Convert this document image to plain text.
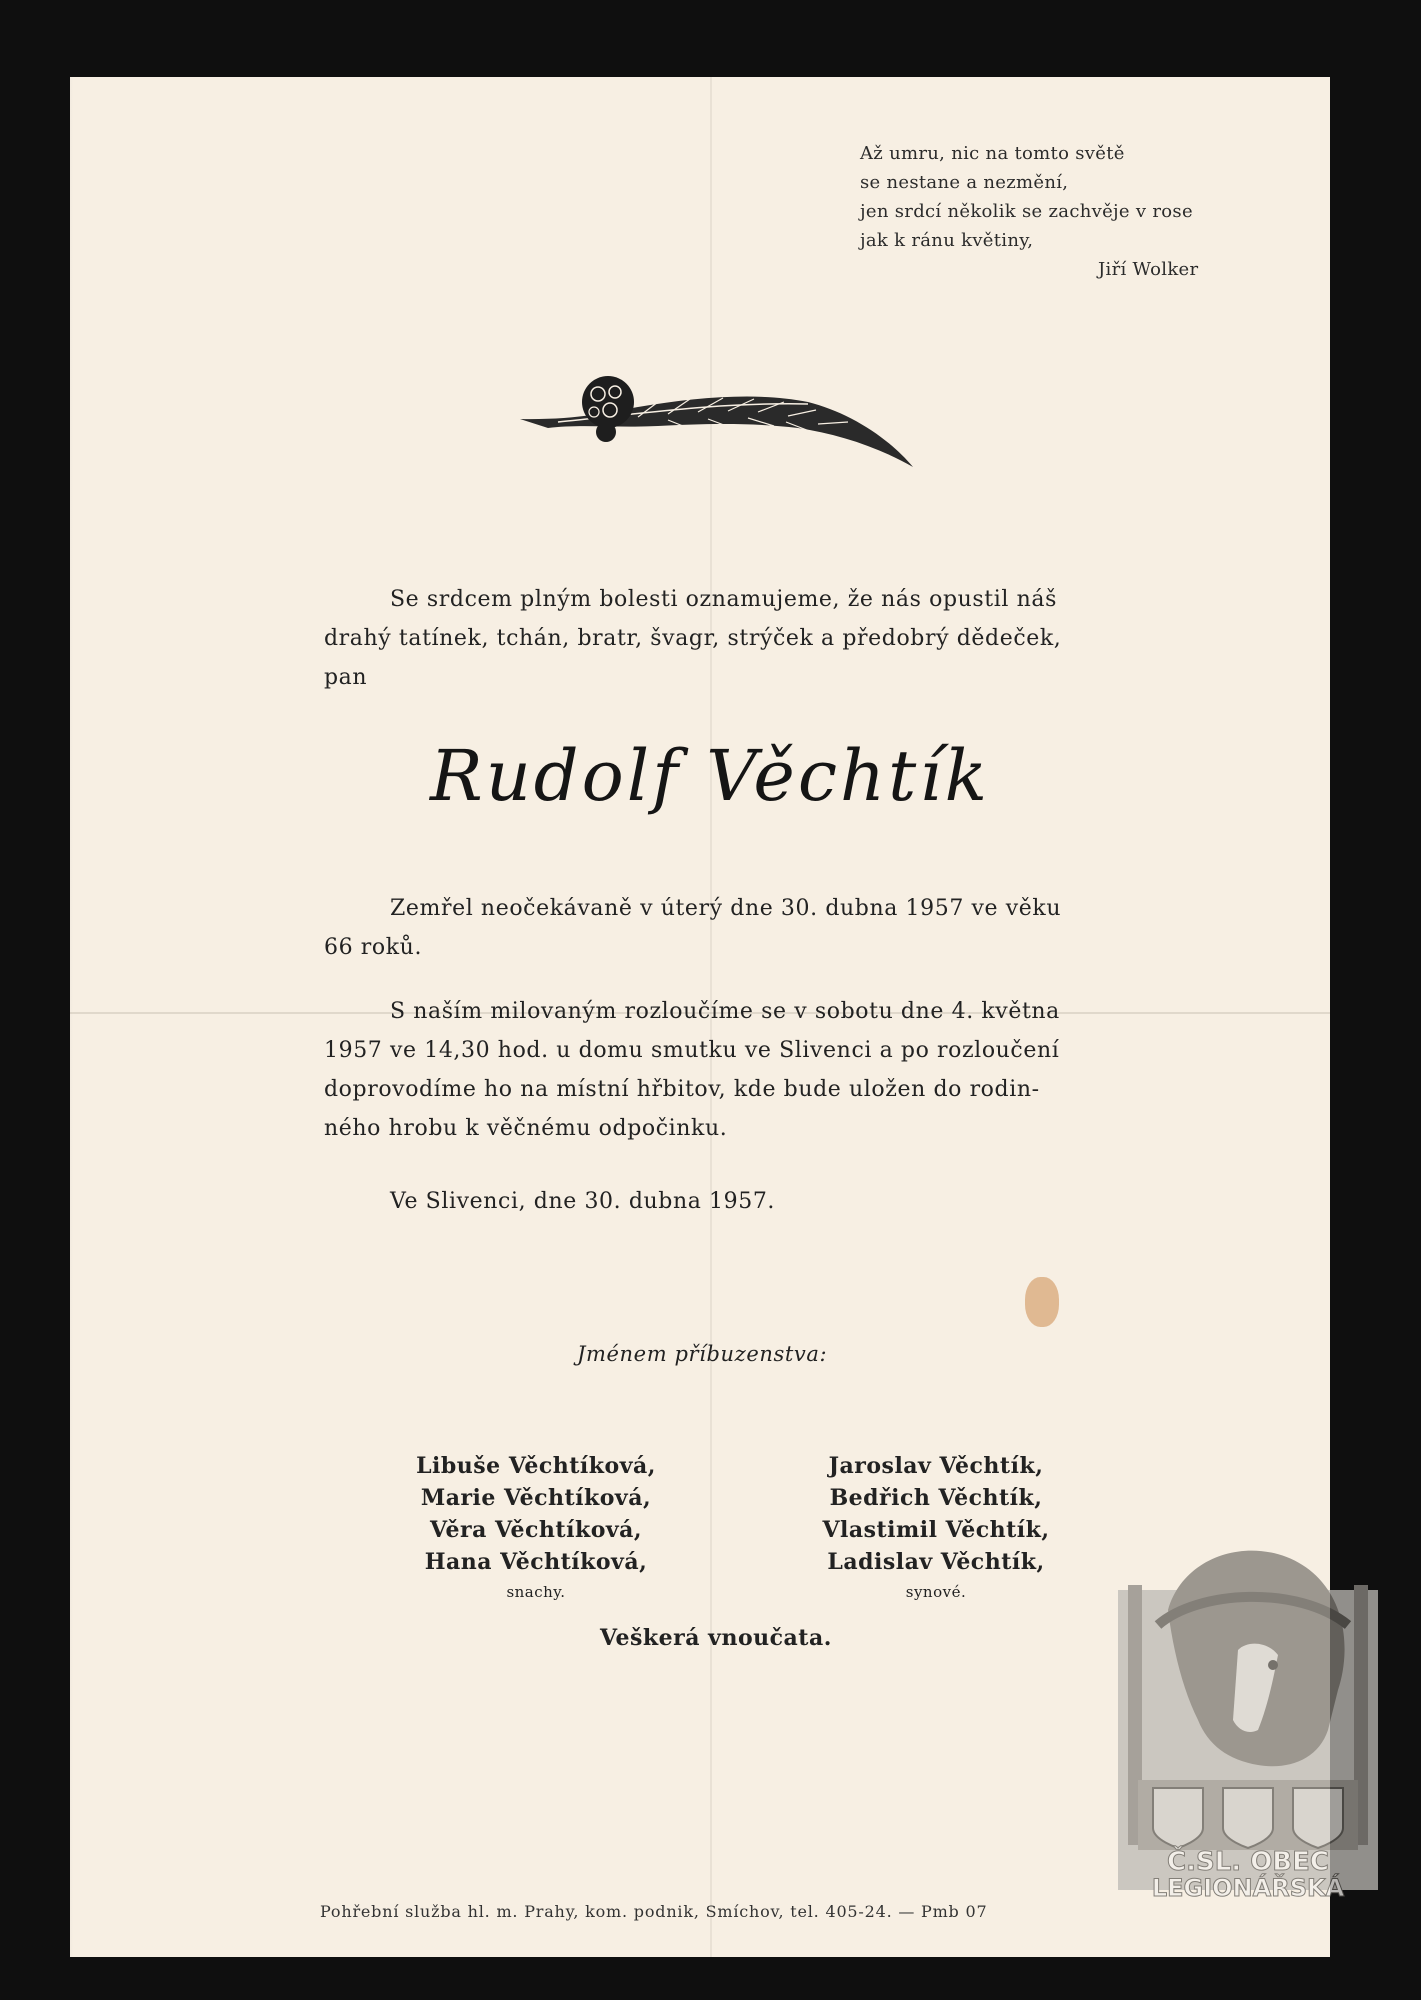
Až umru, nic na tomto světě
se nestane a nezmění,
jen srdcí několik se zachvěje v rose
jak k ránu květiny,
Jiří Wolker
Se srdcem plným bolesti oznamujeme, že nás opustil náš
drahý tatínek, tchán, bratr, švagr, strýček a předobrý dědeček,
pan
Rudolf Věchtík
Zemřel neočekávaně v úterý dne 30. dubna 1957 ve věku
66 roků.
S naším milovaným rozloučíme se v sobotu dne 4. května
1957 ve 14,30 hod. u domu smutku ve Slivenci a po rozloučení
doprovodíme ho na místní hřbitov, kde bude uložen do rodin-
ného hrobu k věčnému odpočinku.
Ve Slivenci, dne 30. dubna 1957.
Jménem příbuzenstva:
Libuše Věchtíková,
Marie Věchtíková,
Věra Věchtíková,
Hana Věchtíková,
snachy.
Jaroslav Věchtík,
Bedřich Věchtík,
Vlastimil Věchtík,
Ladislav Věchtík,
synové.
Veškerá vnoučata.
Pohřební služba hl. m. Prahy, kom. podnik, Smíchov, tel. 405-24. — Pmb 07
Č.SL. OBEC
LEGIONÁŘSKÁ
